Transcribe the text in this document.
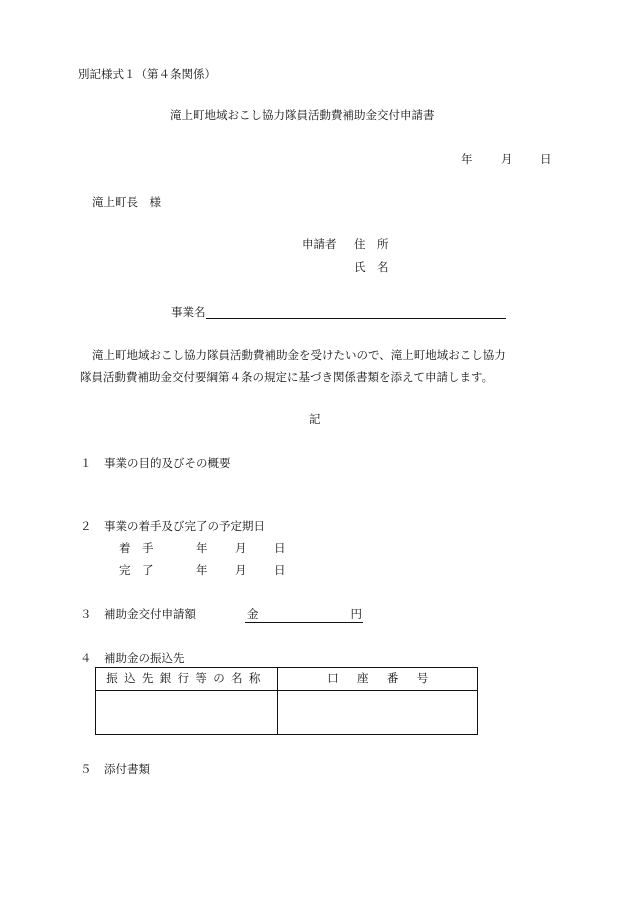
別記様式１（第４条関係）
滝上町地域おこし協力隊員活動費補助金交付申請書
年 月 日
滝上町長　様
申請者 住　所
氏　名
事業名
滝上町地域おこし協力隊員活動費補助金を受けたいので、滝上町地域おこし協力
隊員活動費補助金交付要綱第４条の規定に基づき関係書類を添えて申請します。
記
１ 事業の目的及びその概要
２ 事業の着手及び完了の予定期日
着　手	年 月 日
完　了	年 月 日
３ 補助金交付申請額	金	円
４ 補助金の振込先
振込先銀行等の名称	口座番号

５ 添付書類
